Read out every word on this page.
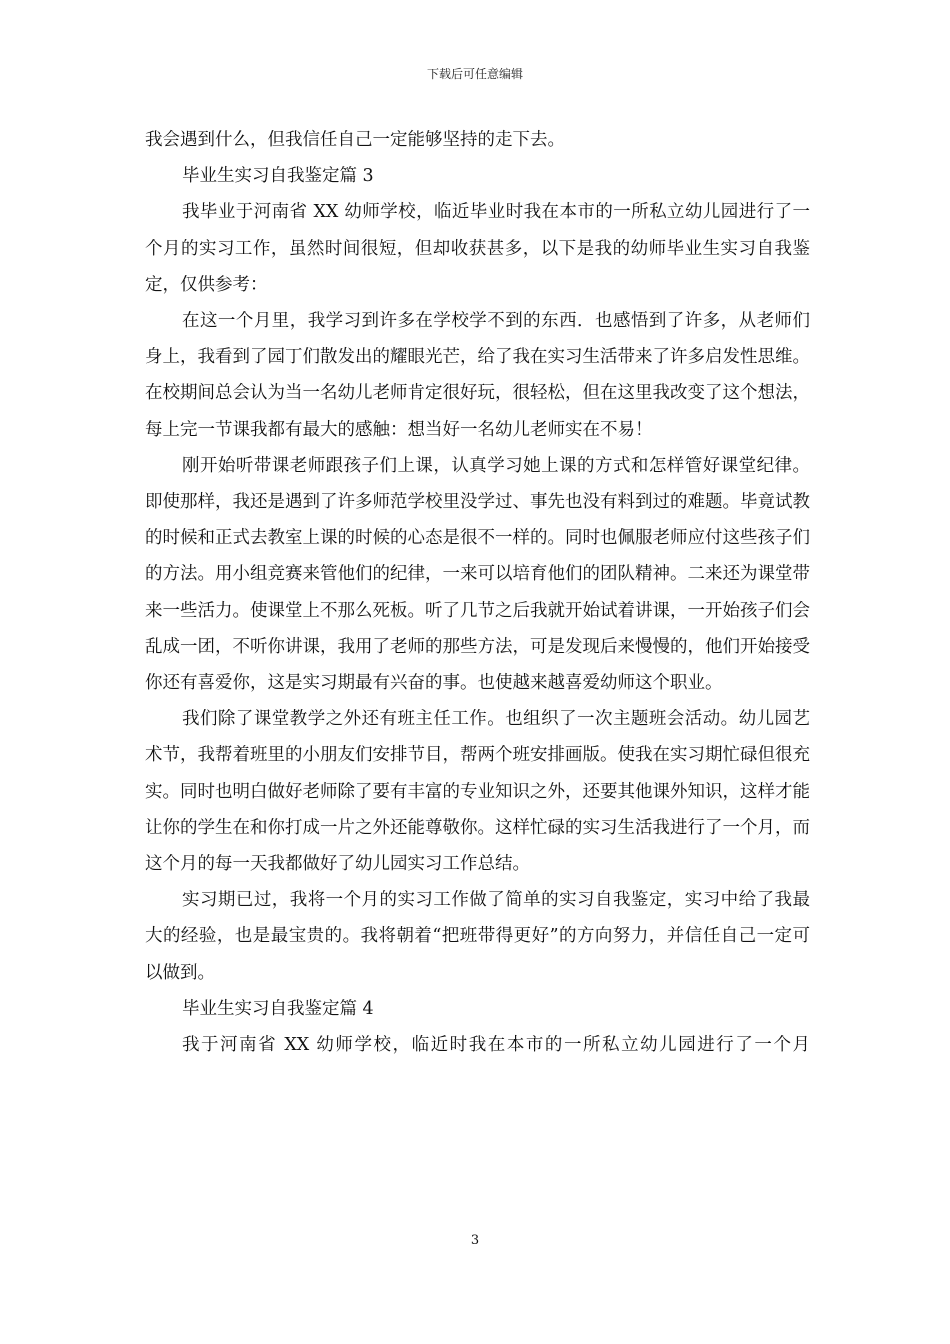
下载后可任意编辑

我会遇到什么，但我信任自己一定能够坚持的走下去。

毕业生实习自我鉴定篇 3

我毕业于河南省 XX 幼师学校，临近毕业时我在本市的一所私立幼儿园进行了一个月的实习工作，虽然时间很短，但却收获甚多，以下是我的幼师毕业生实习自我鉴定，仅供参考：

在这一个月里，我学习到许多在学校学不到的东西．也感悟到了许多，从老师们身上，我看到了园丁们散发出的耀眼光芒，给了我在实习生活带来了许多启发性思维。在校期间总会认为当一名幼儿老师肯定很好玩，很轻松，但在这里我改变了这个想法，每上完一节课我都有最大的感触：想当好一名幼儿老师实在不易！

刚开始听带课老师跟孩子们上课，认真学习她上课的方式和怎样管好课堂纪律。即使那样，我还是遇到了许多师范学校里没学过、事先也没有料到过的难题。毕竟试教的时候和正式去教室上课的时候的心态是很不一样的。同时也佩服老师应付这些孩子们的方法。用小组竞赛来管他们的纪律，一来可以培育他们的团队精神。二来还为课堂带来一些活力。使课堂上不那么死板。听了几节之后我就开始试着讲课，一开始孩子们会乱成一团，不听你讲课，我用了老师的那些方法，可是发现后来慢慢的，他们开始接受你还有喜爱你，这是实习期最有兴奋的事。也使越来越喜爱幼师这个职业。

我们除了课堂教学之外还有班主任工作。也组织了一次主题班会活动。幼儿园艺术节，我帮着班里的小朋友们安排节目，帮两个班安排画版。使我在实习期忙碌但很充实。同时也明白做好老师除了要有丰富的专业知识之外，还要其他课外知识，这样才能让你的学生在和你打成一片之外还能尊敬你。这样忙碌的实习生活我进行了一个月，而这个月的每一天我都做好了幼儿园实习工作总结。

实习期已过，我将一个月的实习工作做了简单的实习自我鉴定，实习中给了我最大的经验，也是最宝贵的。我将朝着“把班带得更好”的方向努力，并信任自己一定可以做到。

毕业生实习自我鉴定篇 4

我于河南省 XX 幼师学校，临近时我在本市的一所私立幼儿园进行了一个月

3
